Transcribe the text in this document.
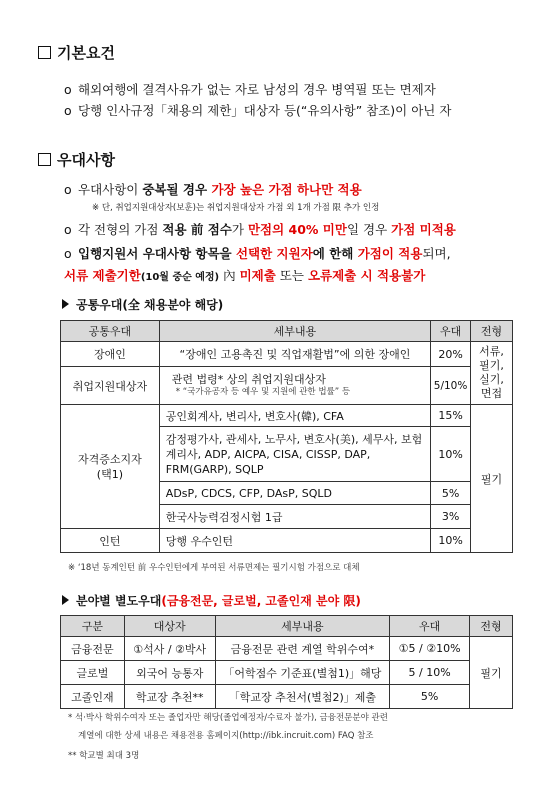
기본요건
o 해외여행에 결격사유가 없는 자로 남성의 경우 병역필 또는 면제자
o 당행 인사규정「채용의 제한」대상자 등(“유의사항” 참조)이 아닌 자
우대사항
o 우대사항이 중복될 경우 가장 높은 가점 하나만 적용
※ 단, 취업지원대상자(보훈)는 취업지원대상자 가점 외 1개 가점 限 추가 인정
o 각 전형의 가점 적용 前 점수가 만점의 40% 미만일 경우 가점 미적용
o 입행지원서 우대사항 항목을 선택한 지원자에 한해 가점이 적용되며,
서류 제출기한(10월 중순 예정) 內 미제출 또는 오류제출 시 적용불가
공통우대(全 채용분야 해당)
공통우대	세부내용	우대	전형
장애인	“장애인 고용촉진 및 직업재활법”에 의한 장애인	20%	서류, 필기, 실기, 면접
취업지원대상자	관련 법령* 상의 취업지원대상자
* “국가유공자 등 예우 및 지원에 관한 법률” 등	5/10%	
자격증소지자 (택1)	공인회계사, 변리사, 변호사(韓), CFA	15%	필기
	감정평가사, 관세사, 노무사, 변호사(美), 세무사, 보험계리사, ADP, AICPA, CISA, CISSP, DAP, FRM(GARP), SQLP	10%	
	ADsP, CDCS, CFP, DAsP, SQLD	5%	
	한국사능력검정시험 1급	3%	
인턴	당행 우수인턴	10%	
※ ‘18년 동계인턴 前 우수인턴에게 부여된 서류면제는 필기시험 가점으로 대체
분야별 별도우대(금융전문, 글로벌, 고졸인재 분야 限)
구분	대상자	세부내용	우대	전형
금융전문	①석사 / ②박사	금융전문 관련 계열 학위수여*	①5 / ②10%	필기
글로벌	외국어 능통자	「어학점수 기준표(별첨1)」해당	5 / 10%	
고졸인재	학교장 추천**	「학교장 추천서(별첨2)」제출	5%	
* 석·박사 학위수여자 또는 졸업자만 해당(졸업예정자/수료자 불가), 금융전문분야 관련
계열에 대한 상세 내용은 채용전용 홈페이지(http://ibk.incruit.com) FAQ 참조
** 학교별 최대 3명
